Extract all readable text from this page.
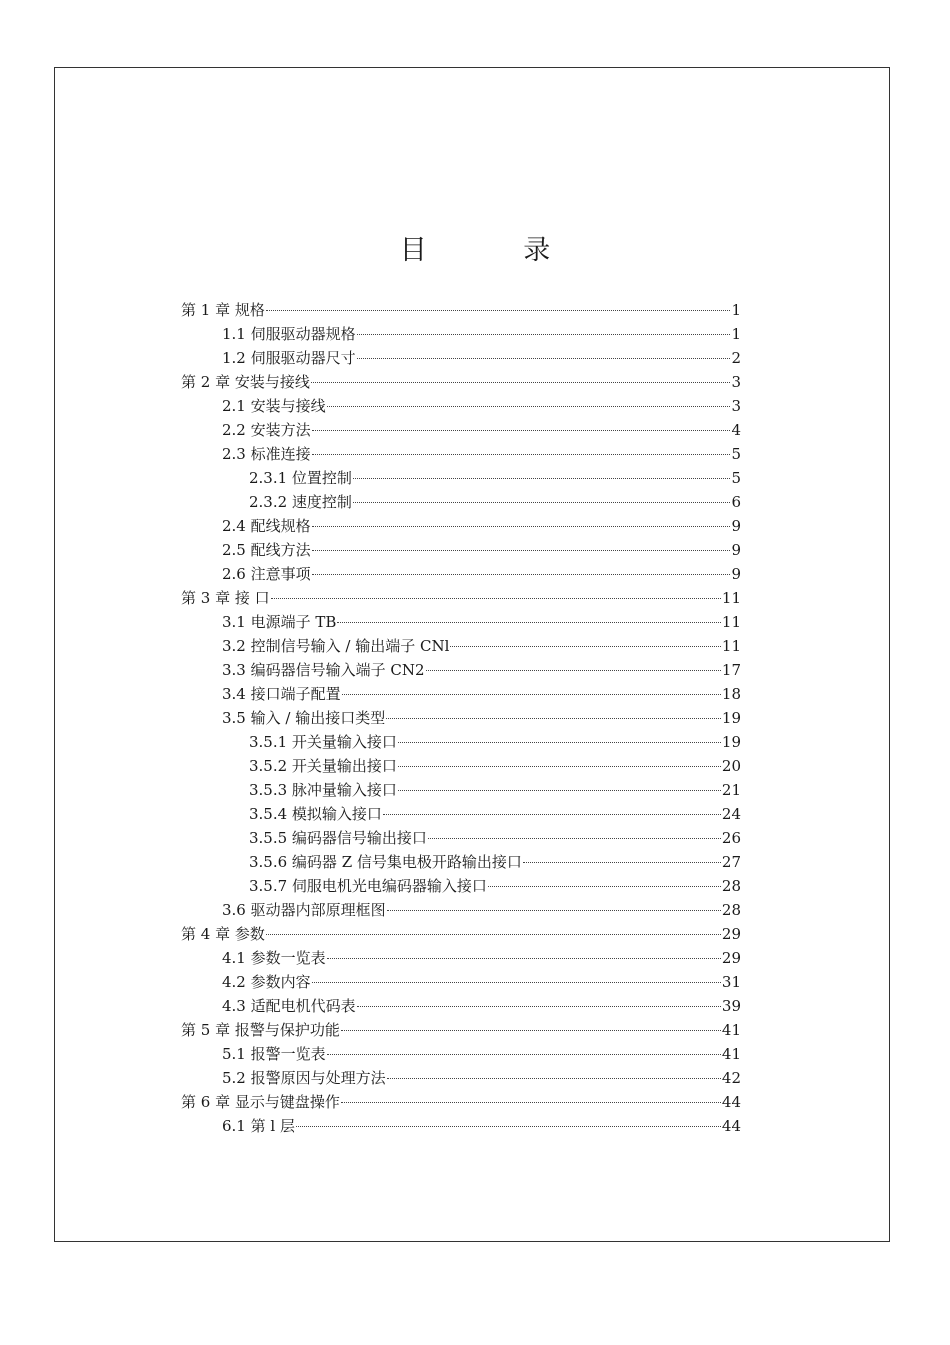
目 录
第 1 章 规格	1
1.1 伺服驱动器规格	1
1.2 伺服驱动器尺寸	2
第 2 章 安装与接线	3
2.1 安装与接线	3
2.2 安装方法	4
2.3 标准连接	5
2.3.1 位置控制	5
2.3.2 速度控制	6
2.4 配线规格	9
2.5 配线方法	9
2.6 注意事项	9
第 3 章 接 口	11
3.1 电源端子 TB	11
3.2 控制信号输入 / 输出端子 CNl	11
3.3 编码器信号输入端子 CN2	17
3.4 接口端子配置	18
3.5 输入 / 输出接口类型	19
3.5.1 开关量输入接口	19
3.5.2 开关量输出接口	20
3.5.3 脉冲量输入接口	21
3.5.4 模拟输入接口	24
3.5.5 编码器信号输出接口	26
3.5.6 编码器 Z 信号集电极开路输出接口	27
3.5.7 伺服电机光电编码器输入接口	28
3.6 驱动器内部原理框图	28
第 4 章 参数	29
4.1 参数一览表	29
4.2 参数内容	31
4.3 适配电机代码表	39
第 5 章 报警与保护功能	41
5.1 报警一览表	41
5.2 报警原因与处理方法	42
第 6 章 显示与键盘操作	44
6.1 第 l 层	44
